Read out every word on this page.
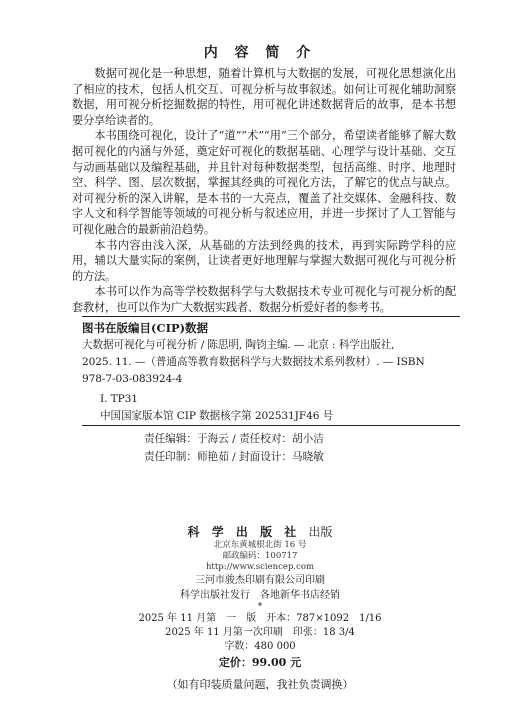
内 容 简 介

数据可视化是一种思想，随着计算机与大数据的发展，可视化思想演化出了相应的技术，包括人机交互、可视分析与故事叙述。如何让可视化辅助洞察数据，用可视分析挖掘数据的特性，用可视化讲述数据背后的故事，是本书想要分享给读者的。

本书围绕可视化，设计了“道”“术”“用”三个部分，希望读者能够了解大数据可视化的内涵与外延，奠定好可视化的数据基础、心理学与设计基础、交互与动画基础以及编程基础，并且针对每种数据类型，包括高维、时序、地理时空、科学、图、层次数据，掌握其经典的可视化方法，了解它的优点与缺点。对可视分析的深入讲解，是本书的一大亮点，覆盖了社交媒体、金融科技、数字人文和科学智能等领域的可视分析与叙述应用，并进一步探讨了人工智能与可视化融合的最新前沿趋势。

本书内容由浅入深，从基础的方法到经典的技术，再到实际跨学科的应用，辅以大量实际的案例，让读者更好地理解与掌握大数据可视化与可视分析的方法。

本书可以作为高等学校数据科学与大数据技术专业可视化与可视分析的配套教材，也可以作为广大数据实践者、数据分析爱好者的参考书。

图书在版编目(CIP)数据
大数据可视化与可视分析 / 陈思明, 陶钧主编. — 北京 : 科学出版社,
2025. 11. —（普通高等教育数据科学与大数据技术系列教材）. — ISBN
978-7-03-083924-4
Ⅰ. TP31
中国国家版本馆 CIP 数据核字第 202531JF46 号
责任编辑：于海云 / 责任校对：胡小洁
责任印制：师艳茹 / 封面设计：马晓敏
科 学 出 版 社 出版
北京东黄城根北街 16 号
邮政编码：100717
http://www.sciencep.com
三河市骏杰印刷有限公司印刷
科学出版社发行　各地新华书店经销
*
2025 年 11 月第　一　版　开本：787×1092　1/16
2025 年 11 月第一次印刷　印张：18 3/4
字数：480 000
定价：99.00 元
（如有印装质量问题，我社负责调换）
